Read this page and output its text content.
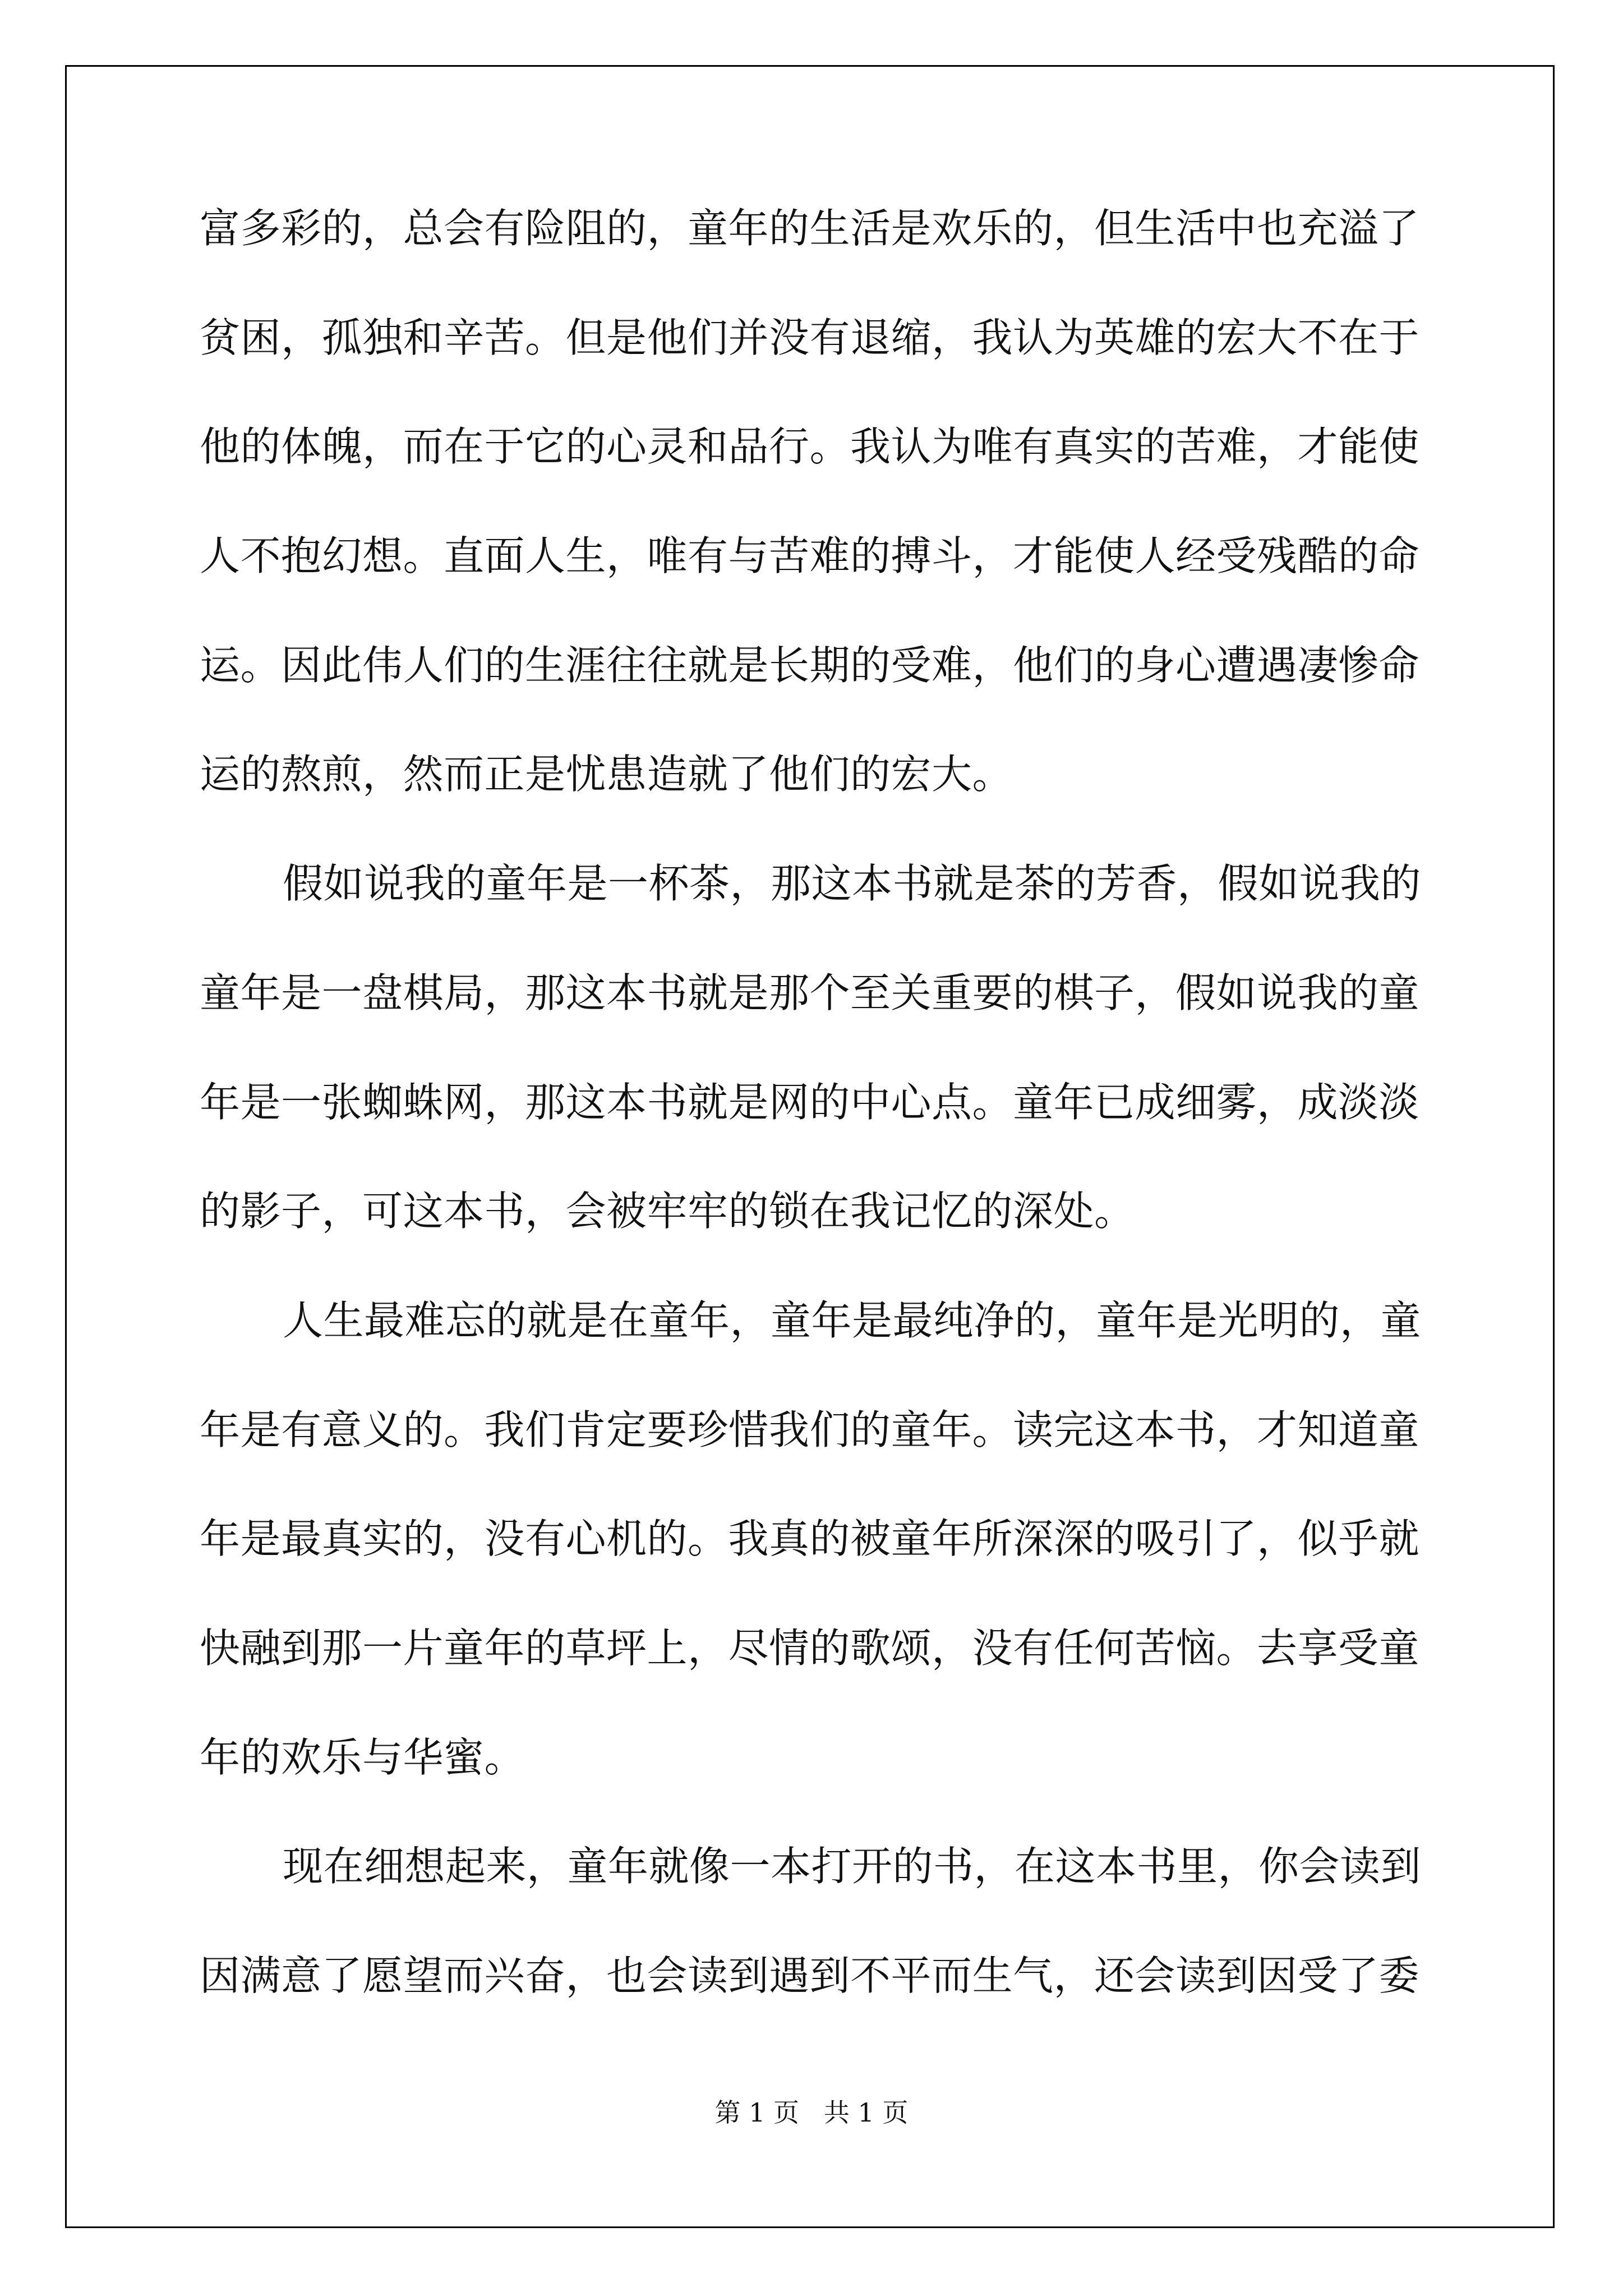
富多彩的，总会有险阻的，童年的生活是欢乐的，但生活中也充溢了
贫困，孤独和辛苦。但是他们并没有退缩，我认为英雄的宏大不在于
他的体魄，而在于它的心灵和品行。我认为唯有真实的苦难，才能使
人不抱幻想。直面人生，唯有与苦难的搏斗，才能使人经受残酷的命
运。因此伟人们的生涯往往就是长期的受难，他们的身心遭遇凄惨命
运的熬煎，然而正是忧患造就了他们的宏大。
假如说我的童年是一杯茶，那这本书就是茶的芳香，假如说我的
童年是一盘棋局，那这本书就是那个至关重要的棋子，假如说我的童
年是一张蜘蛛网，那这本书就是网的中心点。童年已成细雾，成淡淡
的影子，可这本书，会被牢牢的锁在我记忆的深处。
人生最难忘的就是在童年，童年是最纯净的，童年是光明的，童
年是有意义的。我们肯定要珍惜我们的童年。读完这本书，才知道童
年是最真实的，没有心机的。我真的被童年所深深的吸引了，似乎就
快融到那一片童年的草坪上，尽情的歌颂，没有任何苦恼。去享受童
年的欢乐与华蜜。
现在细想起来，童年就像一本打开的书，在这本书里，你会读到
因满意了愿望而兴奋，也会读到遇到不平而生气，还会读到因受了委
第 1 页   共 1 页
